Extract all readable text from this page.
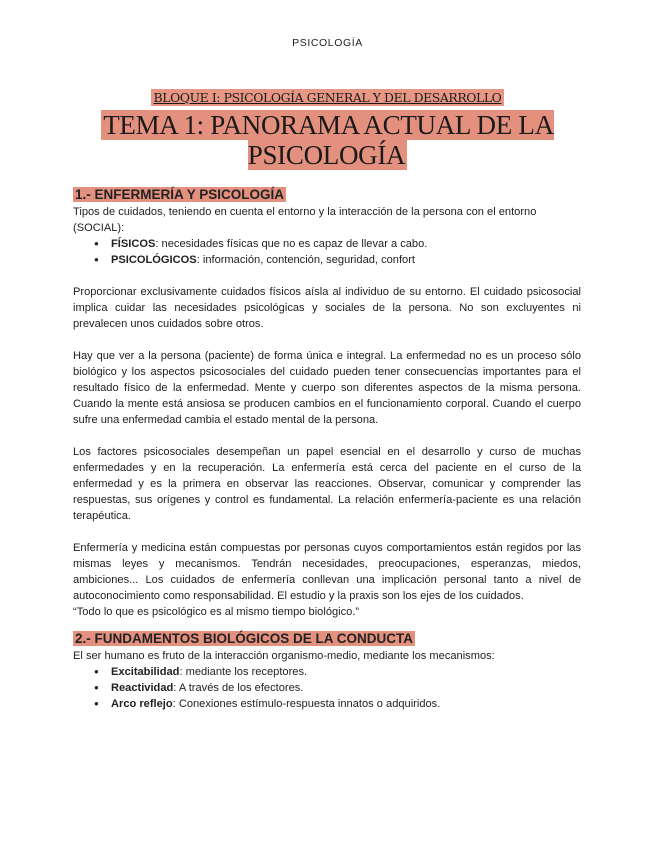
PSICOLOGÍA
BLOQUE I: PSICOLOGÍA GENERAL Y DEL DESARROLLO
TEMA 1: PANORAMA ACTUAL DE LA PSICOLOGÍA
1.- ENFERMERÍA Y PSICOLOGÍA

Tipos de cuidados, teniendo en cuenta el entorno y la interacción de la persona con el entorno (SOCIAL):

● FÍSICOS: necesidades físicas que no es capaz de llevar a cabo.
● PSICOLÓGICOS: información, contención, seguridad, confort

Proporcionar exclusivamente cuidados físicos aísla al individuo de su entorno. El cuidado psicosocial implica cuidar las necesidades psicológicas y sociales de la persona. No son excluyentes ni prevalecen unos cuidados sobre otros.

Hay que ver a la persona (paciente) de forma única e integral. La enfermedad no es un proceso sólo biológico y los aspectos psicosociales del cuidado pueden tener consecuencias importantes para el resultado físico de la enfermedad. Mente y cuerpo son diferentes aspectos de la misma persona. Cuando la mente está ansiosa se producen cambios en el funcionamiento corporal. Cuando el cuerpo sufre una enfermedad cambia el estado mental de la persona.

Los factores psicosociales desempeñan un papel esencial en el desarrollo y curso de muchas enfermedades y en la recuperación. La enfermería está cerca del paciente en el curso de la enfermedad y es la primera en observar las reacciones. Observar, comunicar y comprender las respuestas, sus orígenes y control es fundamental. La relación enfermería-paciente es una relación terapéutica.

Enfermería y medicina están compuestas por personas cuyos comportamientos están regidos por las mismas leyes y mecanismos. Tendrán necesidades, preocupaciones, esperanzas, miedos, ambiciones... Los cuidados de enfermería conllevan una implicación personal tanto a nivel de autoconocimiento como responsabilidad. El estudio y la praxis son los ejes de los cuidados.

“Todo lo que es psicológico es al mismo tiempo biológico.”

2.- FUNDAMENTOS BIOLÓGICOS DE LA CONDUCTA

El ser humano es fruto de la interacción organismo-medio, mediante los mecanismos:

● Excitabilidad: mediante los receptores.
● Reactividad: A través de los efectores.
● Arco reflejo: Conexiones estímulo-respuesta innatos o adquiridos.
